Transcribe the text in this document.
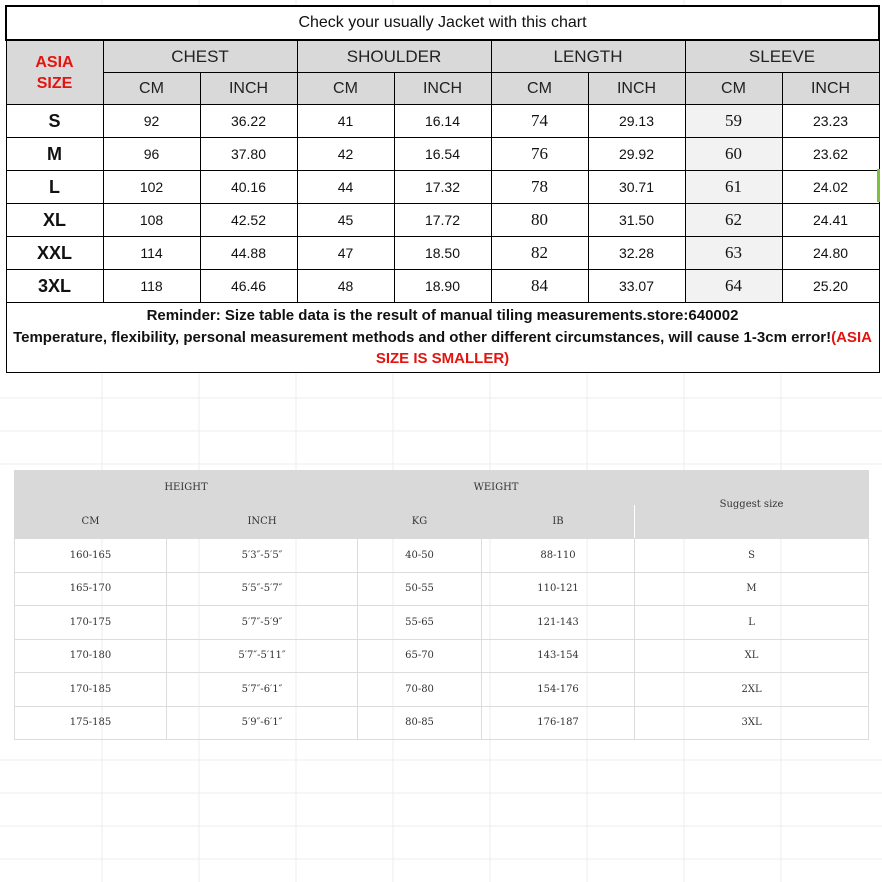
Check your usually Jacket with this chart								
ASIA
SIZE	CHEST		SHOULDER		LENGTH		SLEEVE	
	CM	INCH	CM	INCH	CM	INCH	CM	INCH
S	92	36.22	41	16.14	74	29.13	59	23.23
M	96	37.80	42	16.54	76	29.92	60	23.62
L	102	40.16	44	17.32	78	30.71	61	24.02
XL	108	42.52	45	17.72	80	31.50	62	24.41
XXL	114	44.88	47	18.50	82	32.28	63	24.80
3XL	118	46.46	48	18.90	84	33.07	64	25.20

Reminder: Size table data is the result of manual tiling measurements.store:640002
Temperature, flexibility, personal measurement methods and other different circumstances, will cause 1-3cm error!(ASIA SIZE IS SMALLER)								
HEIGHT		WEIGHT		Suggest size
CM	INCH	KG	IB	
160-165	5′3″-5′5″	40-50	88-110	S
165-170	5′5″-5′7″	50-55	110-121	M
170-175	5′7″-5′9″	55-65	121-143	L
170-180	5′7″-5′11″	65-70	143-154	XL
170-185	5′7″-6′1″	70-80	154-176	2XL
175-185	5′9″-6′1″	80-85	176-187	3XL
